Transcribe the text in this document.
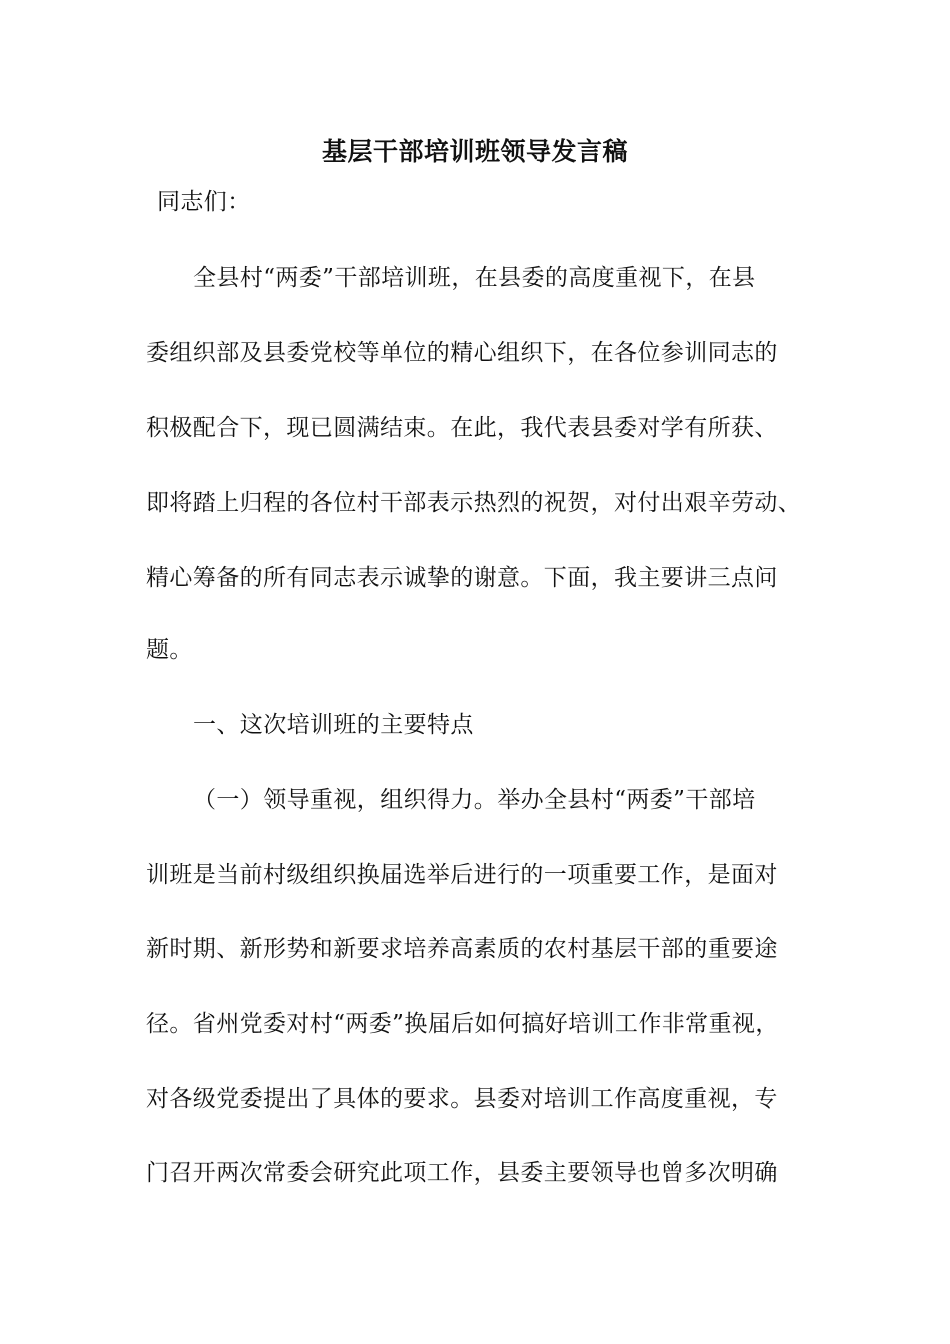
基层干部培训班领导发言稿
同志们：
全县村“两委”干部培训班，在县委的高度重视下，在县
委组织部及县委党校等单位的精心组织下，在各位参训同志的
积极配合下，现已圆满结束。在此，我代表县委对学有所获、
即将踏上归程的各位村干部表示热烈的祝贺，对付出艰辛劳动、
精心筹备的所有同志表示诚挚的谢意。下面，我主要讲三点问
题。
一、这次培训班的主要特点
（一）领导重视，组织得力。举办全县村“两委”干部培
训班是当前村级组织换届选举后进行的一项重要工作，是面对
新时期、新形势和新要求培养高素质的农村基层干部的重要途
径。省州党委对村“两委”换届后如何搞好培训工作非常重视，
对各级党委提出了具体的要求。县委对培训工作高度重视，专
门召开两次常委会研究此项工作，县委主要领导也曾多次明确
